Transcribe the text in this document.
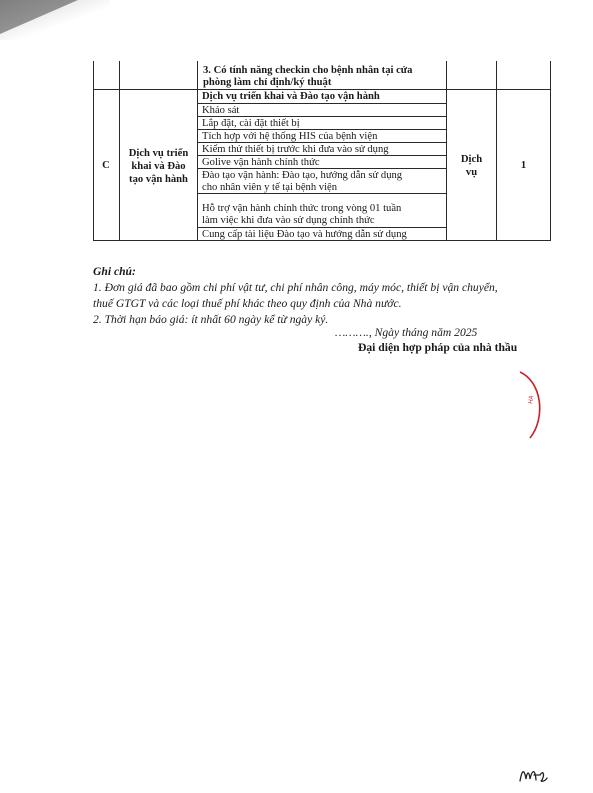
3. Có tính năng checkin cho bệnh nhân tại cửa
phòng làm chỉ định/ký thuật
C
Dịch vụ triển
khai và Đào
tạo vận hành
Dịch vụ triển khai và Đào tạo vận hành
Khảo sát
Lắp đặt, cài đặt thiết bị
Tích hợp với hệ thống HIS của bệnh viện
Kiểm thử thiết bị trước khi đưa vào sử dụng
Golive vận hành chính thức
Đào tạo vận hành: Đào tạo, hướng dẫn sử dụng
cho nhân viên y tế tại bệnh viện
Hỗ trợ vận hành chính thức trong vòng 01 tuần
làm việc khi đưa vào sử dụng chính thức
Cung cấp tài liệu Đào tạo và hướng dẫn sử dụng
Dịch
vụ
1
Ghi chú:
1. Đơn giá đã bao gồm chi phí vật tư, chi phí nhân công, máy móc, thiết bị vận chuyển,
thuế GTGT và các loại thuế phí khác theo quy định của Nhà nước.
2. Thời hạn báo giá: ít nhất 60 ngày kể từ ngày ký.
………., Ngày tháng năm 2025
Đại diện hợp pháp của nhà thầu
HÀ
